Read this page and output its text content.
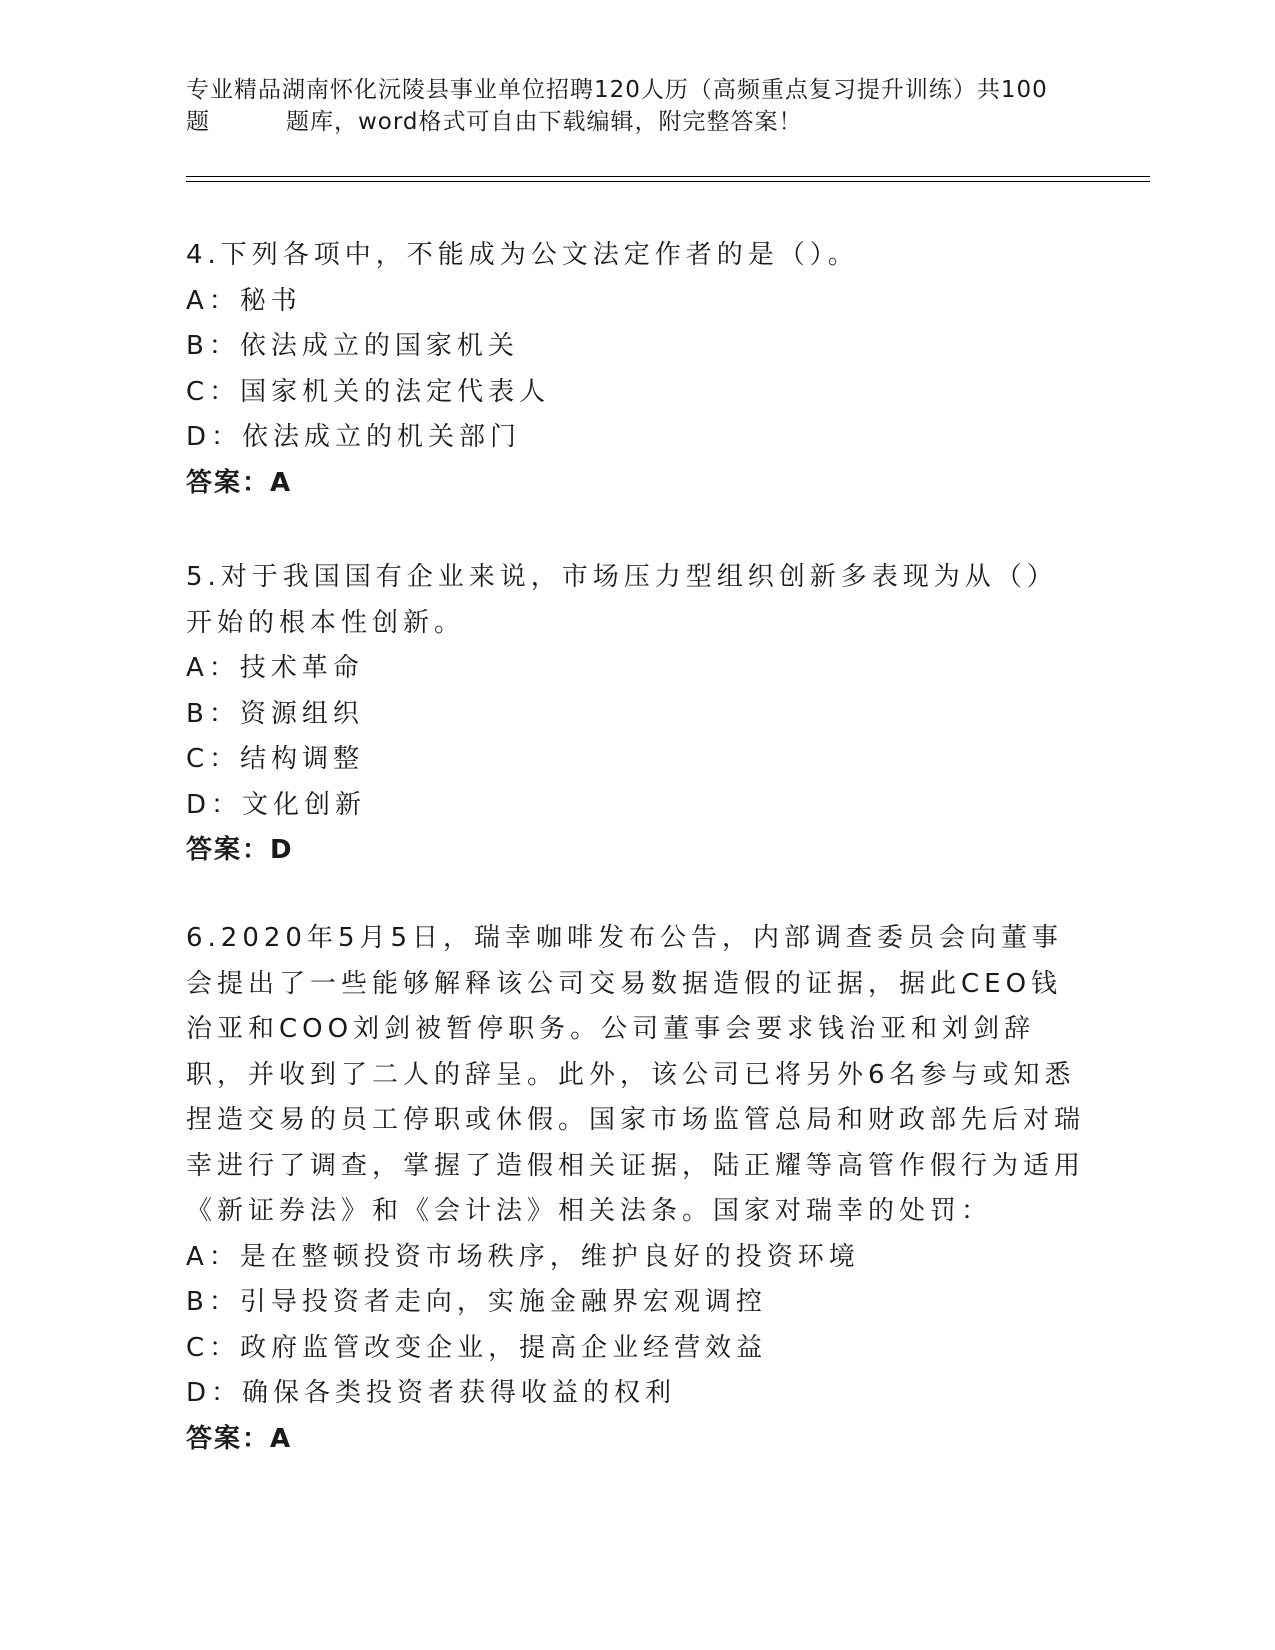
专业精品湖南怀化沅陵县事业单位招聘120人历（高频重点复习提升训练）共100
题	题库，word格式可自由下载编辑，附完整答案！
4.下列各项中，不能成为公文法定作者的是（）。
A：秘书
B：依法成立的国家机关
C：国家机关的法定代表人
D：依法成立的机关部门
答案：A
5.对于我国国有企业来说，市场压力型组织创新多表现为从（）开始的根本性创新。
A：技术革命
B：资源组织
C：结构调整
D：文化创新
答案：D
6.2020年5月5日，瑞幸咖啡发布公告，内部调查委员会向董事会提出了一些能够解释该公司交易数据造假的证据，据此CEO钱治亚和COO刘剑被暂停职务。公司董事会要求钱治亚和刘剑辞职，并收到了二人的辞呈。此外，该公司已将另外6名参与或知悉捏造交易的员工停职或休假。国家市场监管总局和财政部先后对瑞幸进行了调查，掌握了造假相关证据，陆正耀等高管作假行为适用《新证券法》和《会计法》相关法条。国家对瑞幸的处罚：
A：是在整顿投资市场秩序，维护良好的投资环境
B：引导投资者走向，实施金融界宏观调控
C：政府监管改变企业，提高企业经营效益
D：确保各类投资者获得收益的权利
答案：A
